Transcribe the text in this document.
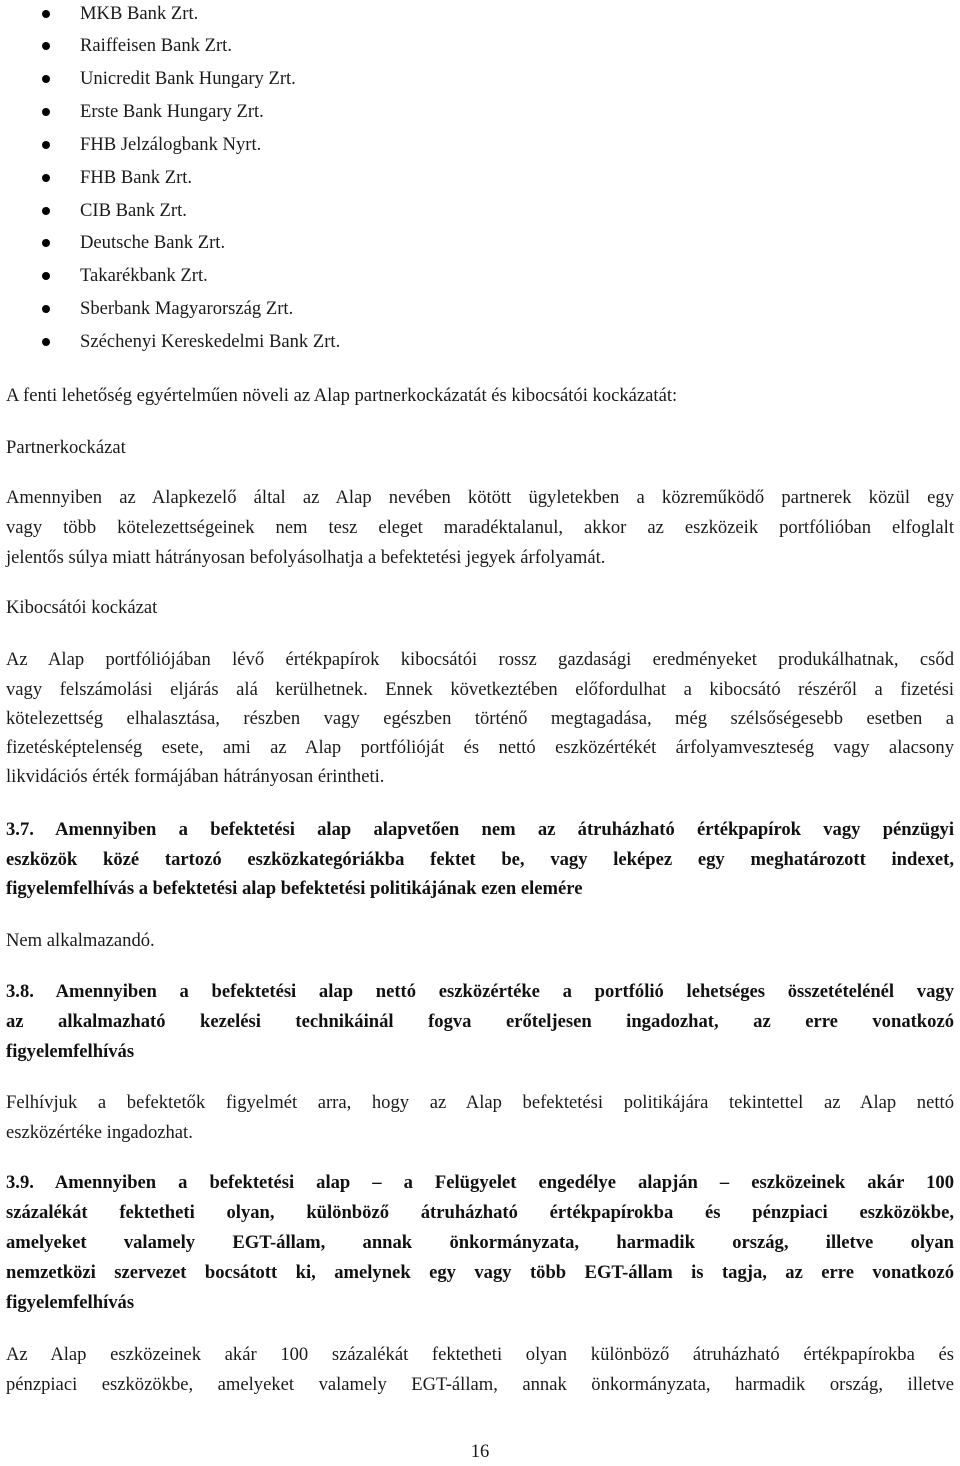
MKB Bank Zrt.
Raiffeisen Bank Zrt.
Unicredit Bank Hungary Zrt.
Erste Bank Hungary Zrt.
FHB Jelzálogbank Nyrt.
FHB Bank Zrt.
CIB Bank Zrt.
Deutsche Bank Zrt.
Takarékbank Zrt.
Sberbank Magyarország Zrt.
Széchenyi Kereskedelmi Bank Zrt.
A fenti lehetőség egyértelműen növeli az Alap partnerkockázatát és kibocsátói kockázatát:
Partnerkockázat
Amennyiben az Alapkezelő által az Alap nevében kötött ügyletekben a közreműködő partnerek közül egy
vagy több kötelezettségeinek nem tesz eleget maradéktalanul, akkor az eszközeik portfólióban elfoglalt
jelentős súlya miatt hátrányosan befolyásolhatja a befektetési jegyek árfolyamát.
Kibocsátói kockázat
Az Alap portfóliójában lévő értékpapírok kibocsátói rossz gazdasági eredményeket produkálhatnak, csőd
vagy felszámolási eljárás alá kerülhetnek. Ennek következtében előfordulhat a kibocsátó részéről a fizetési
kötelezettség elhalasztása, részben vagy egészben történő megtagadása, még szélsőségesebb esetben a
fizetésképtelenség esete, ami az Alap portfólióját és nettó eszközértékét árfolyamveszteség vagy alacsony
likvidációs érték formájában hátrányosan érintheti.
3.7. Amennyiben a befektetési alap alapvetően nem az átruházható értékpapírok vagy pénzügyi
eszközök közé tartozó eszközkategóriákba fektet be, vagy leképez egy meghatározott indexet,
figyelemfelhívás a befektetési alap befektetési politikájának ezen elemére
Nem alkalmazandó.
3.8. Amennyiben a befektetési alap nettó eszközértéke a portfólió lehetséges összetételénél vagy
az alkalmazható kezelési technikáinál fogva erőteljesen ingadozhat, az erre vonatkozó
figyelemfelhívás
Felhívjuk a befektetők figyelmét arra, hogy az Alap befektetési politikájára tekintettel az Alap nettó
eszközértéke ingadozhat.
3.9. Amennyiben a befektetési alap – a Felügyelet engedélye alapján – eszközeinek akár 100
százalékát fektetheti olyan, különböző átruházható értékpapírokba és pénzpiaci eszközökbe,
amelyeket valamely EGT-állam, annak önkormányzata, harmadik ország, illetve olyan
nemzetközi szervezet bocsátott ki, amelynek egy vagy több EGT-állam is tagja, az erre vonatkozó
figyelemfelhívás
Az Alap eszközeinek akár 100 százalékát fektetheti olyan különböző átruházható értékpapírokba és
pénzpiaci eszközökbe, amelyeket valamely EGT-állam, annak önkormányzata, harmadik ország, illetve
16
